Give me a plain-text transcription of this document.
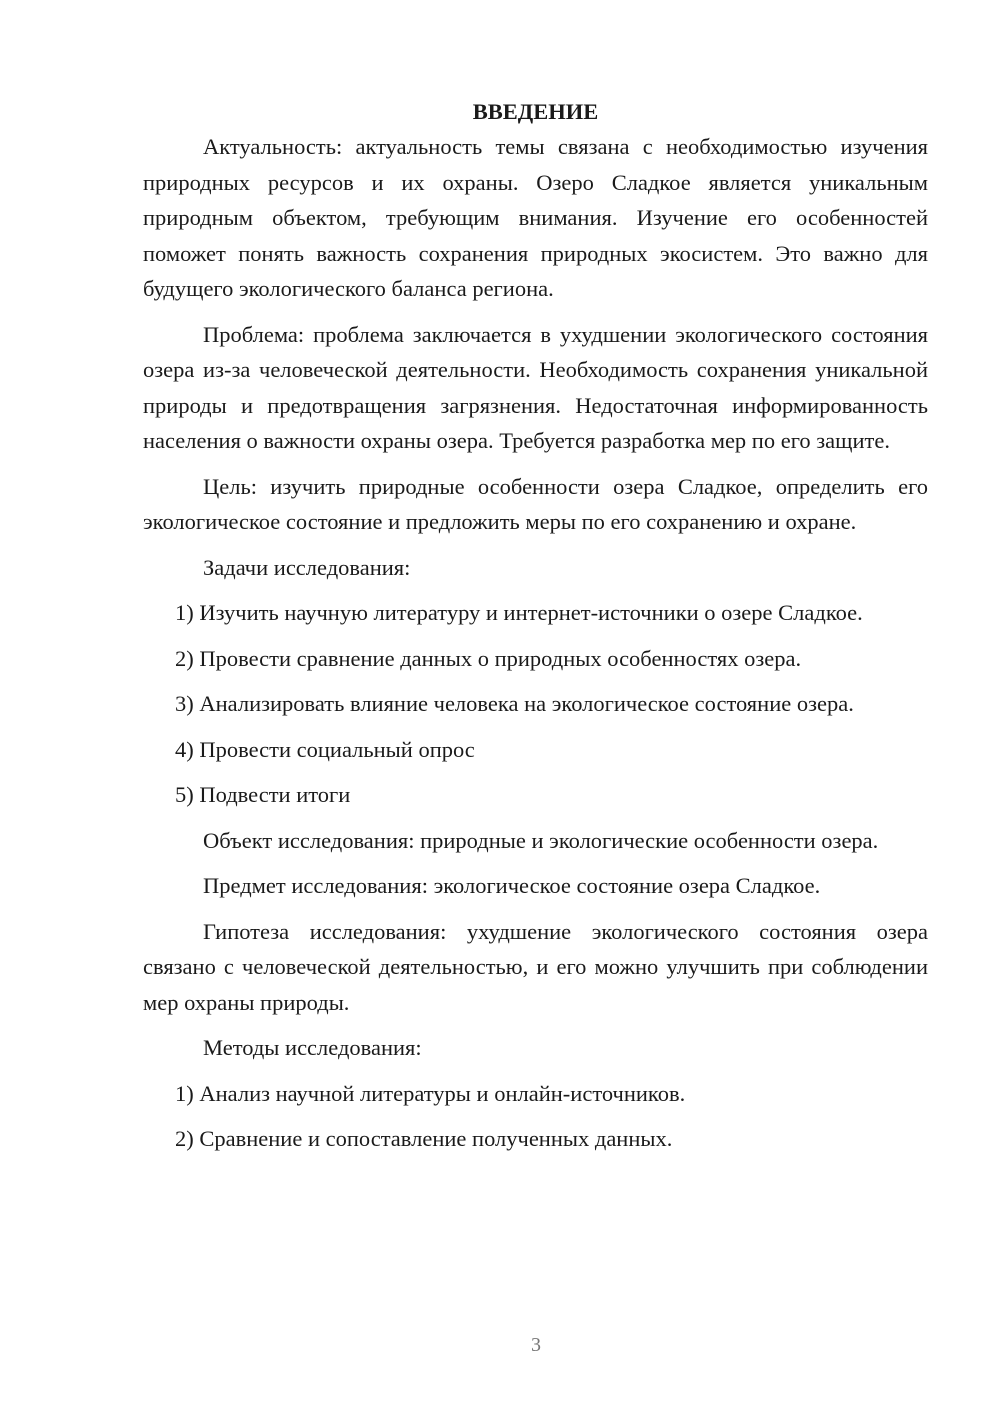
ВВЕДЕНИЕ

Актуальность: актуальность темы связана с необходимостью изучения природных ресурсов и их охраны. Озеро Сладкое является уникальным природным объектом, требующим внимания. Изучение его особенностей поможет понять важность сохранения природных экосистем. Это важно для будущего экологического баланса региона.

Проблема: проблема заключается в ухудшении экологического состояния озера из-за человеческой деятельности. Необходимость сохранения уникальной природы и предотвращения загрязнения. Недостаточная информированность населения о важности охраны озера. Требуется разработка мер по его защите.

Цель: изучить природные особенности озера Сладкое, определить его экологическое состояние и предложить меры по его сохранению и охране.

Задачи исследования:

1) Изучить научную литературу и интернет-источники о озере Сладкое.

2) Провести сравнение данных о природных особенностях озера.

3) Анализировать влияние человека на экологическое состояние озера.

4) Провести социальный опрос

5) Подвести итоги

Объект исследования: природные и экологические особенности озера.

Предмет исследования: экологическое состояние озера Сладкое.

Гипотеза исследования: ухудшение экологического состояния озера связано с человеческой деятельностью, и его можно улучшить при соблюдении мер охраны природы.

Методы исследования:

1) Анализ научной литературы и онлайн-источников.

2) Сравнение и сопоставление полученных данных.

3
